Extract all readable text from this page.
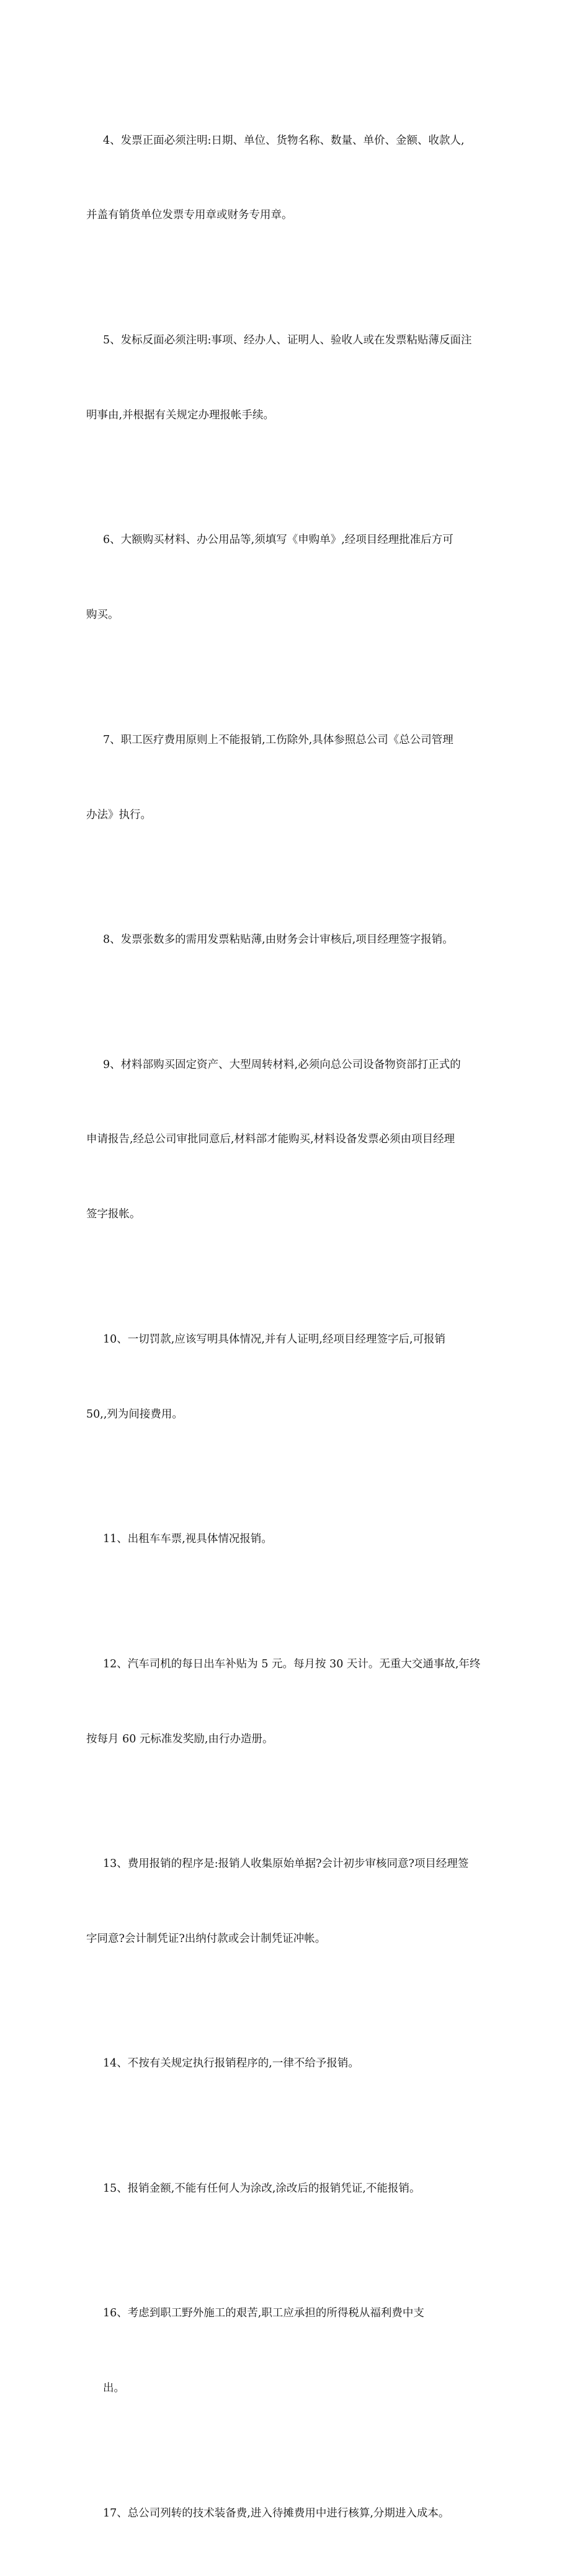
4、发票正面必须注明:日期、单位、货物名称、数量、单价、金额、收款人,

并盖有销货单位发票专用章或财务专用章。

5、发标反面必须注明:事项、经办人、证明人、验收人或在发票粘贴薄反面注

明事由,并根据有关规定办理报帐手续。

6、大额购买材料、办公用品等,须填写《申购单》,经项目经理批准后方可

购买。

7、职工医疗费用原则上不能报销,工伤除外,具体参照总公司《总公司管理

办法》执行。

8、发票张数多的需用发票粘贴薄,由财务会计审核后,项目经理签字报销。

9、材料部购买固定资产、大型周转材料,必须向总公司设备物资部打正式的

申请报告,经总公司审批同意后,材料部才能购买,材料设备发票必须由项目经理

签字报帐。

10、一切罚款,应该写明具体情况,并有人证明,经项目经理签字后,可报销

50,,列为间接费用。

11、出租车车票,视具体情况报销。

12、汽车司机的每日出车补贴为 5 元。每月按 30 天计。无重大交通事故,年终

按每月 60 元标准发奖励,由行办造册。

13、费用报销的程序是:报销人收集原始单据?会计初步审核同意?项目经理签

字同意?会计制凭证?出纳付款或会计制凭证冲帐。

14、不按有关规定执行报销程序的,一律不给予报销。

15、报销金额,不能有任何人为涂改,涂改后的报销凭证,不能报销。

16、考虑到职工野外施工的艰苦,职工应承担的所得税从福利费中支

出。

17、总公司列转的技术装备费,进入待摊费用中进行核算,分期进入成本。
